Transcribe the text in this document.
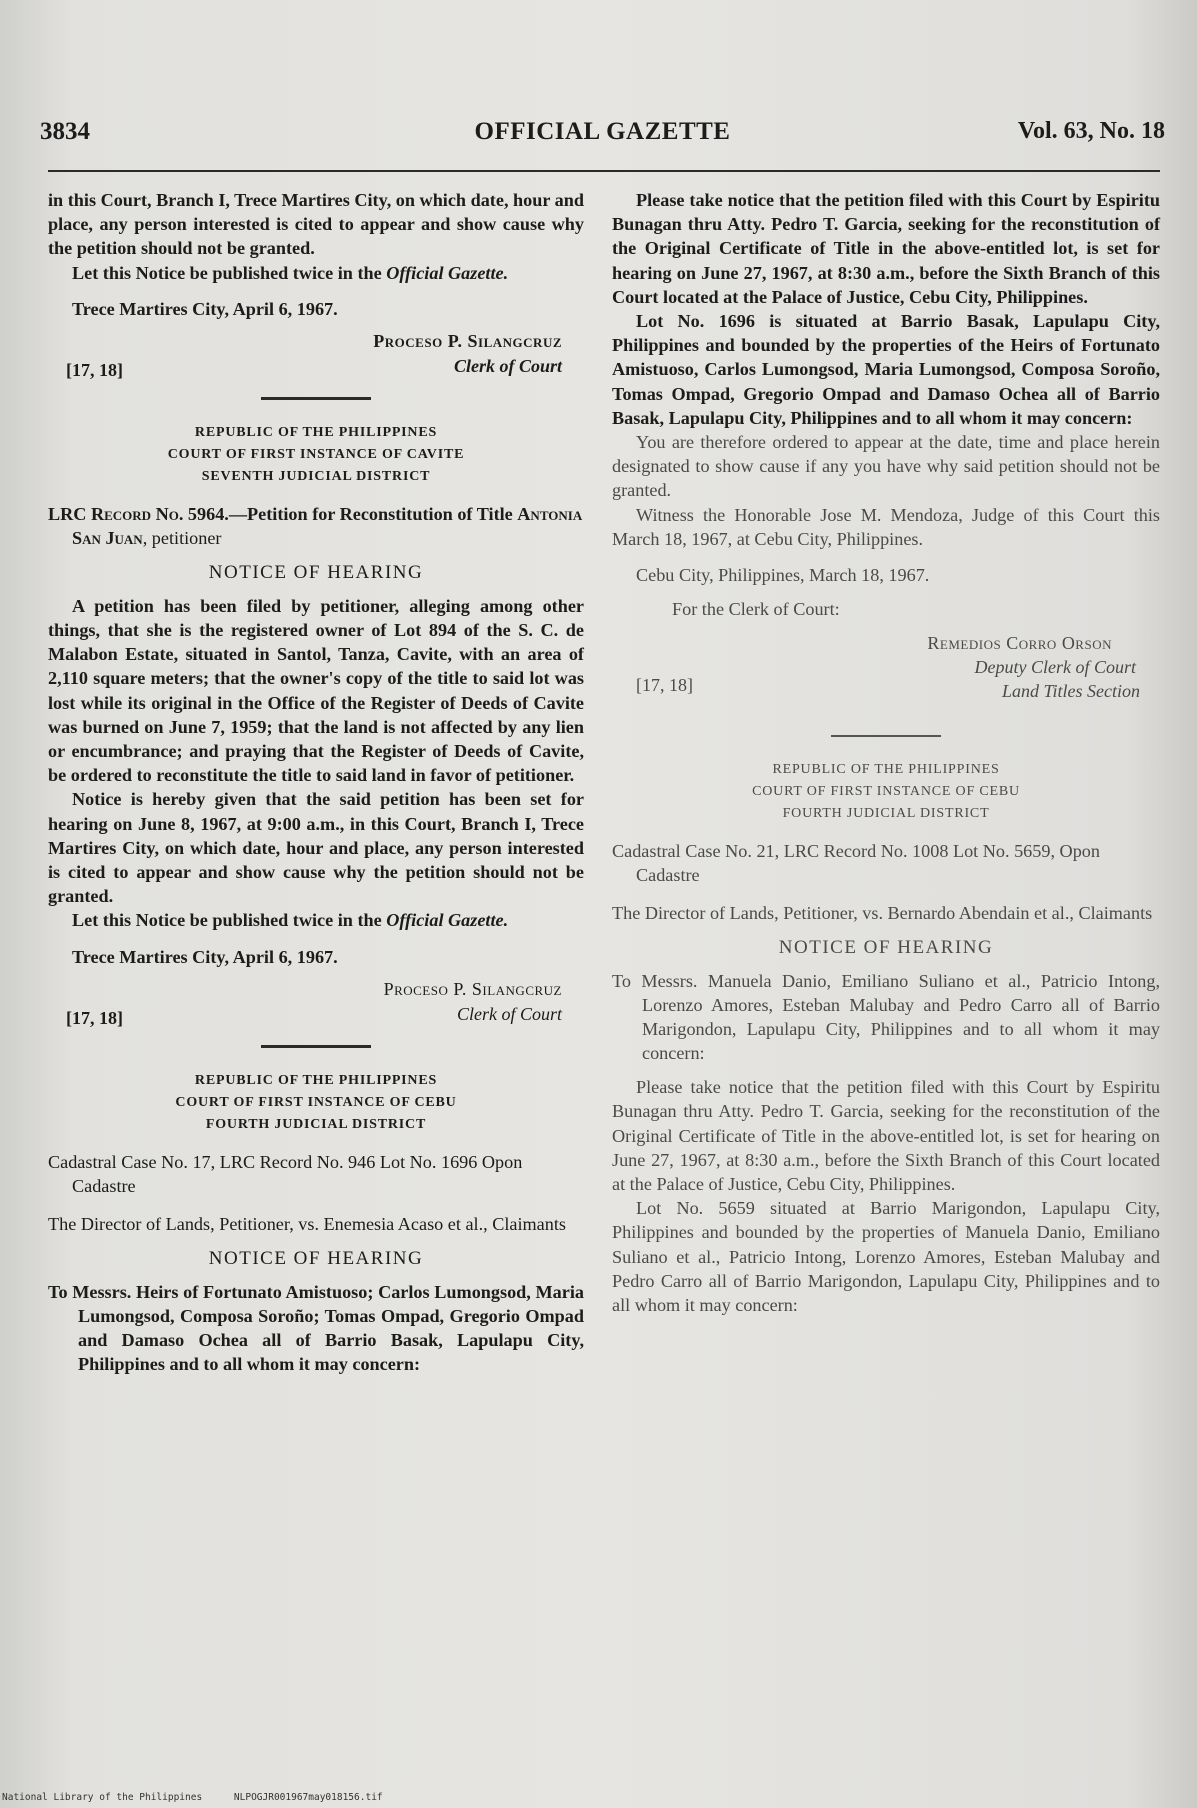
3834	OFFICIAL GAZETTE	Vol. 63, No. 18

in this Court, Branch I, Trece Martires City, on which date, hour and place, any person interested is cited to appear and show cause why the petition should not be granted.

Let this Notice be published twice in the Official Gazette.

Trece Martires City, April 6, 1967.

[17, 18]
Proceso P. Silangcruz
Clerk of Court
REPUBLIC OF THE PHILIPPINES
COURT OF FIRST INSTANCE OF CAVITE
SEVENTH JUDICIAL DISTRICT

LRC Record No. 5964.—Petition for Reconstitution of Title Antonia San Juan, petitioner

NOTICE OF HEARING

A petition has been filed by petitioner, alleging among other things, that she is the registered owner of Lot 894 of the S. C. de Malabon Estate, situated in Santol, Tanza, Cavite, with an area of 2,110 square meters; that the owner's copy of the title to said lot was lost while its original in the Office of the Register of Deeds of Cavite was burned on June 7, 1959; that the land is not affected by any lien or encumbrance; and praying that the Register of Deeds of Cavite, be ordered to reconstitute the title to said land in favor of petitioner.

Notice is hereby given that the said petition has been set for hearing on June 8, 1967, at 9:00 a.m., in this Court, Branch I, Trece Martires City, on which date, hour and place, any person interested is cited to appear and show cause why the petition should not be granted.

Let this Notice be published twice in the Official Gazette.

Trece Martires City, April 6, 1967.

[17, 18]
Proceso P. Silangcruz
Clerk of Court
REPUBLIC OF THE PHILIPPINES
COURT OF FIRST INSTANCE OF CEBU
FOURTH JUDICIAL DISTRICT

Cadastral Case No. 17, LRC Record No. 946 Lot No. 1696 Opon Cadastre

The Director of Lands, Petitioner, vs. Enemesia Acaso et al., Claimants

NOTICE OF HEARING

To Messrs. Heirs of Fortunato Amistuoso; Carlos Lumongsod, Maria Lumongsod, Composa Soroño; Tomas Ompad, Gregorio Ompad and Damaso Ochea all of Barrio Basak, Lapulapu City, Philippines and to all whom it may concern:

Please take notice that the petition filed with this Court by Espiritu Bunagan thru Atty. Pedro T. Garcia, seeking for the reconstitution of the Original Certificate of Title in the above-entitled lot, is set for hearing on June 27, 1967, at 8:30 a.m., before the Sixth Branch of this Court located at the Palace of Justice, Cebu City, Philippines.

Lot No. 1696 is situated at Barrio Basak, Lapulapu City, Philippines and bounded by the properties of the Heirs of Fortunato Amistuoso, Carlos Lumongsod, Maria Lumongsod, Composa Soroño, Tomas Ompad, Gregorio Ompad and Damaso Ochea all of Barrio Basak, Lapulapu City, Philippines and to all whom it may concern:

You are therefore ordered to appear at the date, time and place herein designated to show cause if any you have why said petition should not be granted.

Witness the Honorable Jose M. Mendoza, Judge of this Court this March 18, 1967, at Cebu City, Philippines.

Cebu City, Philippines, March 18, 1967.

For the Clerk of Court:

Remedios Corro Orson
Deputy Clerk of Court
Land Titles Section
[17, 18]
REPUBLIC OF THE PHILIPPINES
COURT OF FIRST INSTANCE OF CEBU
FOURTH JUDICIAL DISTRICT

Cadastral Case No. 21, LRC Record No. 1008 Lot No. 5659, Opon Cadastre

The Director of Lands, Petitioner, vs. Bernardo Abendain et al., Claimants

NOTICE OF HEARING

To Messrs. Manuela Danio, Emiliano Suliano et al., Patricio Intong, Lorenzo Amores, Esteban Malubay and Pedro Carro all of Barrio Marigondon, Lapulapu City, Philippines and to all whom it may concern:

Please take notice that the petition filed with this Court by Espiritu Bunagan thru Atty. Pedro T. Garcia, seeking for the reconstitution of the Original Certificate of Title in the above-entitled lot, is set for hearing on June 27, 1967, at 8:30 a.m., before the Sixth Branch of this Court located at the Palace of Justice, Cebu City, Philippines.

Lot No. 5659 situated at Barrio Marigondon, Lapulapu City, Philippines and bounded by the properties of Manuela Danio, Emiliano Suliano et al., Patricio Intong, Lorenzo Amores, Esteban Malubay and Pedro Carro all of Barrio Marigondon, Lapulapu City, Philippines and to all whom it may concern:

National Library of the Philippines	NLPOGJR001967may018156.tif
